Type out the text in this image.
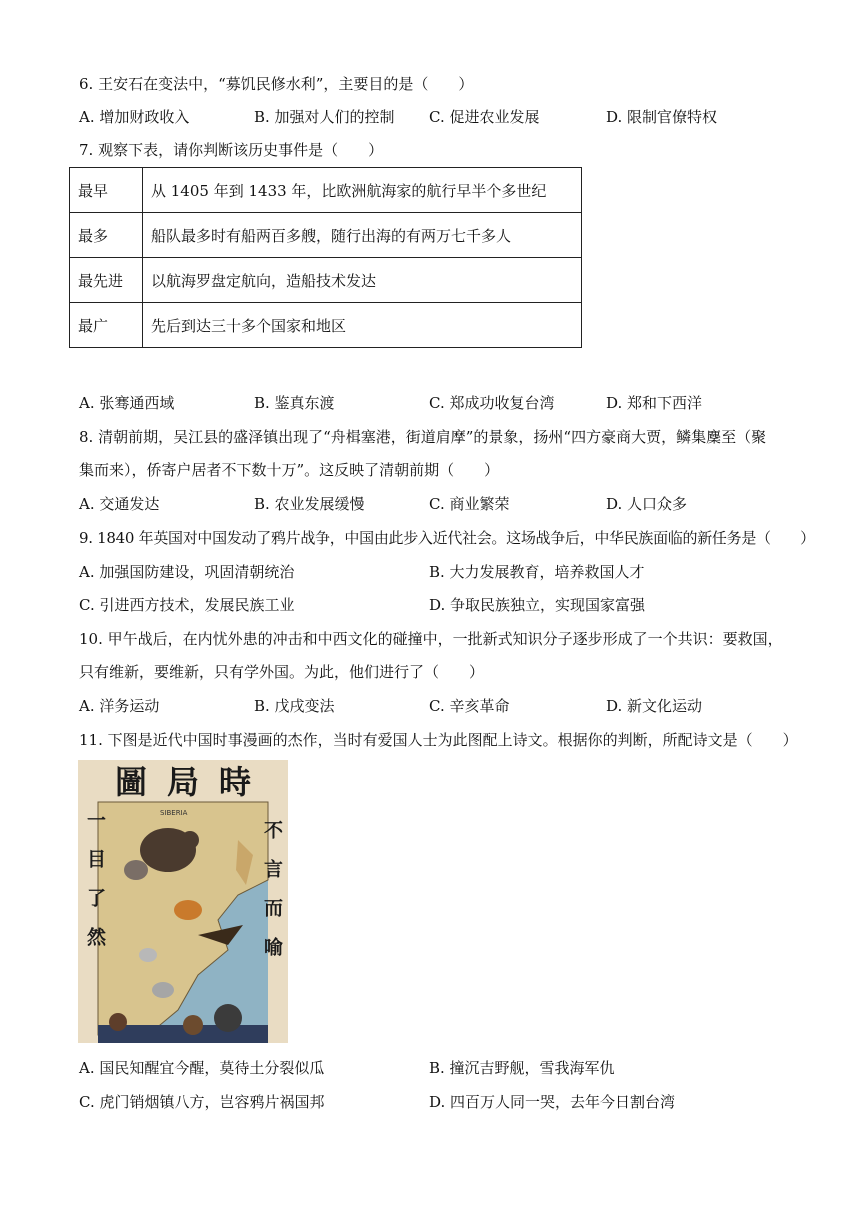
6. 王安石在变法中，“募饥民修水利”，主要目的是（　　）
A. 增加财政收入	B. 加强对人们的控制 C. 促进农业发展	D. 限制官僚特权
7. 观察下表，请你判断该历史事件是（　　）
最早	从 1405 年到 1433 年，比欧洲航海家的航行早半个多世纪
最多	船队最多时有船两百多艘，随行出海的有两万七千多人
最先进	以航海罗盘定航向，造船技术发达
最广	先后到达三十多个国家和地区
A. 张骞通西域	B. 鉴真东渡	C. 郑成功收复台湾	D. 郑和下西洋
8. 清朝前期，吴江县的盛泽镇出现了“舟楫塞港，街道肩摩”的景象，扬州“四方豪商大贾，鳞集麇至（聚
集而来），侨寄户居者不下数十万”。这反映了清朝前期（　　）
A. 交通发达	B. 农业发展缓慢	C. 商业繁荣	D. 人口众多
9. 1840 年英国对中国发动了鸦片战争，中国由此步入近代社会。这场战争后，中华民族面临的新任务是（　　）
A. 加强国防建设，巩固清朝统治	B. 大力发展教育，培养救国人才
C. 引进西方技术，发展民族工业	D. 争取民族独立，实现国家富强
10. 甲午战后，在内忧外患的冲击和中西文化的碰撞中，一批新式知识分子逐步形成了一个共识：要救国，
只有维新，要维新，只有学外国。为此，他们进行了（　　）
A. 洋务运动	B. 戊戌变法	C. 辛亥革命	D. 新文化运动
11. 下图是近代中国时事漫画的杰作，当时有爱国人士为此图配上诗文。根据你的判断，所配诗文是（　　）
圖 局 時
SIBERIA
一目了然	不言而喻
A. 国民知醒宜今醒，莫待土分裂似瓜	B. 撞沉吉野舰，雪我海军仇
C. 虎门销烟镇八方，岂容鸦片祸国邦	D. 四百万人同一哭，去年今日割台湾
